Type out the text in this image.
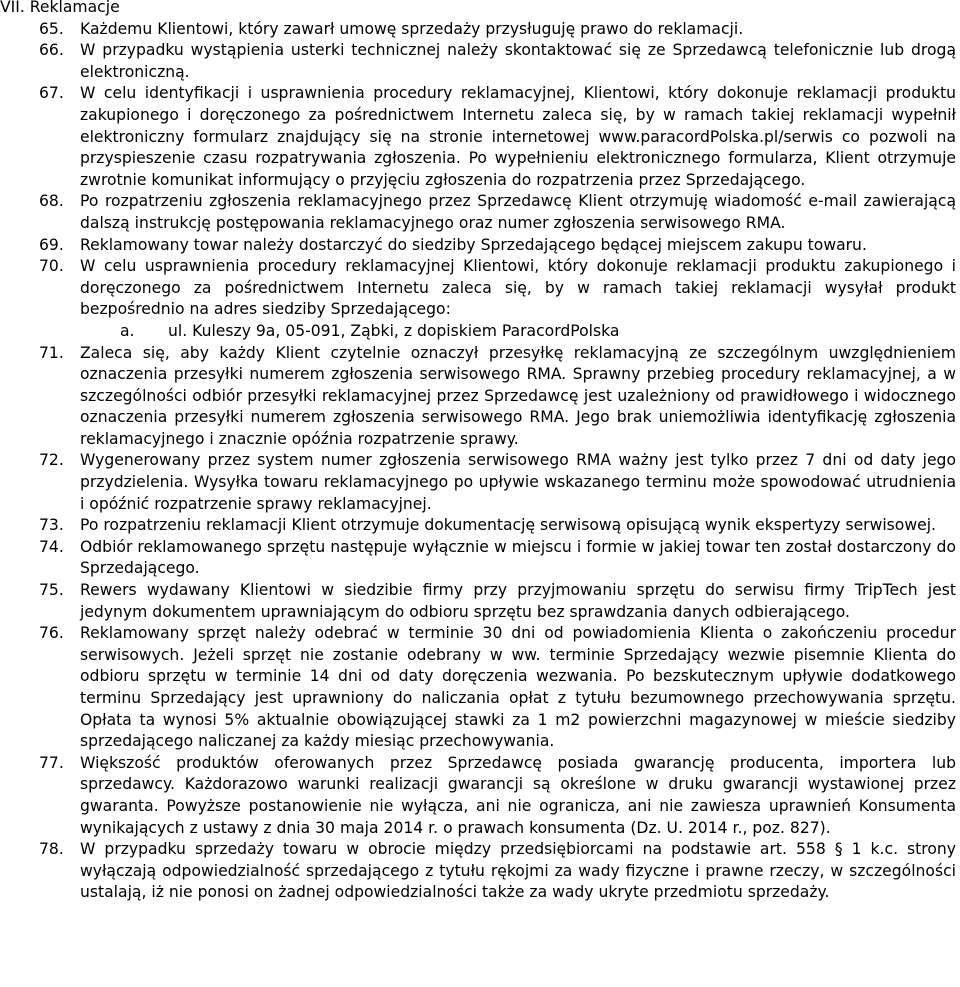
VII. Reklamacje
65.	Każdemu Klientowi, który zawarł umowę sprzedaży przysługuję prawo do reklamacji.

66.	W przypadku wystąpienia usterki technicznej należy skontaktować się ze Sprzedawcą telefonicznie lub drogą elektroniczną.

67.	W celu identyfikacji i usprawnienia procedury reklamacyjnej, Klientowi, który dokonuje reklamacji produktu zakupionego i doręczonego za pośrednictwem Internetu zaleca się, by w ramach takiej reklamacji wypełnił elektroniczny formularz znajdujący się na stronie internetowej www.paracordPolska.pl/serwis co pozwoli na przyspieszenie czasu rozpatrywania zgłoszenia. Po wypełnieniu elektronicznego formularza, Klient otrzymuje zwrotnie komunikat informujący o przyjęciu zgłoszenia do rozpatrzenia przez Sprzedającego.

68.	Po rozpatrzeniu zgłoszenia reklamacyjnego przez Sprzedawcę Klient otrzymuję wiadomość e-mail zawierającą dalszą instrukcję postępowania reklamacyjnego oraz numer zgłoszenia serwisowego RMA.

69.	Reklamowany towar należy dostarczyć do siedziby Sprzedającego będącej miejscem zakupu towaru.

70.	W celu usprawnienia procedury reklamacyjnej Klientowi, który dokonuje reklamacji produktu zakupionego i doręczonego za pośrednictwem Internetu zaleca się, by w ramach takiej reklamacji wysyłał produkt bezpośrednio na adres siedziby Sprzedającego:

a.	ul. Kuleszy 9a, 05-091, Ząbki, z dopiskiem ParacordPolska
71.	Zaleca się, aby każdy Klient czytelnie oznaczył przesyłkę reklamacyjną ze szczególnym uwzględnieniem oznaczenia przesyłki numerem zgłoszenia serwisowego RMA. Sprawny przebieg procedury reklamacyjnej, a w szczególności odbiór przesyłki reklamacyjnej przez Sprzedawcę jest uzależniony od prawidłowego i widocznego oznaczenia przesyłki numerem zgłoszenia serwisowego RMA. Jego brak uniemożliwia identyfikację zgłoszenia reklamacyjnego i znacznie opóźnia rozpatrzenie sprawy.

72.	Wygenerowany przez system numer zgłoszenia serwisowego RMA ważny jest tylko przez 7 dni od daty jego przydzielenia. Wysyłka towaru reklamacyjnego po upływie wskazanego terminu może spowodować utrudnienia i opóźnić rozpatrzenie sprawy reklamacyjnej.

73.	Po rozpatrzeniu reklamacji Klient otrzymuje dokumentację serwisową opisującą wynik ekspertyzy serwisowej.

74.	Odbiór reklamowanego sprzętu następuje wyłącznie w miejscu i formie w jakiej towar ten został dostarczony do Sprzedającego.

75.	Rewers wydawany Klientowi w siedzibie firmy przy przyjmowaniu sprzętu do serwisu firmy TripTech jest jedynym dokumentem uprawniającym do odbioru sprzętu bez sprawdzania danych odbierającego.

76.	Reklamowany sprzęt należy odebrać w terminie 30 dni od powiadomienia Klienta o zakończeniu procedur serwisowych. Jeżeli sprzęt nie zostanie odebrany w ww. terminie Sprzedający wezwie pisemnie Klienta do odbioru sprzętu w terminie 14 dni od daty doręczenia wezwania. Po bezskutecznym upływie dodatkowego terminu Sprzedający jest uprawniony do naliczania opłat z tytułu bezumownego przechowywania sprzętu. Opłata ta wynosi 5% aktualnie obowiązującej stawki za 1 m2 powierzchni magazynowej w mieście siedziby sprzedającego naliczanej za każdy miesiąc przechowywania.

77.	Większość produktów oferowanych przez Sprzedawcę posiada gwarancję producenta, importera lub sprzedawcy. Każdorazowo warunki realizacji gwarancji są określone w druku gwarancji wystawionej przez gwaranta. Powyższe postanowienie nie wyłącza, ani nie ogranicza, ani nie zawiesza uprawnień Konsumenta wynikających z ustawy z dnia 30 maja 2014 r. o prawach konsumenta (Dz. U. 2014 r., poz. 827).

78.	W przypadku sprzedaży towaru w obrocie między przedsiębiorcami na podstawie art. 558 § 1 k.c. strony wyłączają odpowiedzialność sprzedającego z tytułu rękojmi za wady fizyczne i prawne rzeczy, w szczególności ustalają, iż nie ponosi on żadnej odpowiedzialności także za wady ukryte przedmiotu sprzedaży.
